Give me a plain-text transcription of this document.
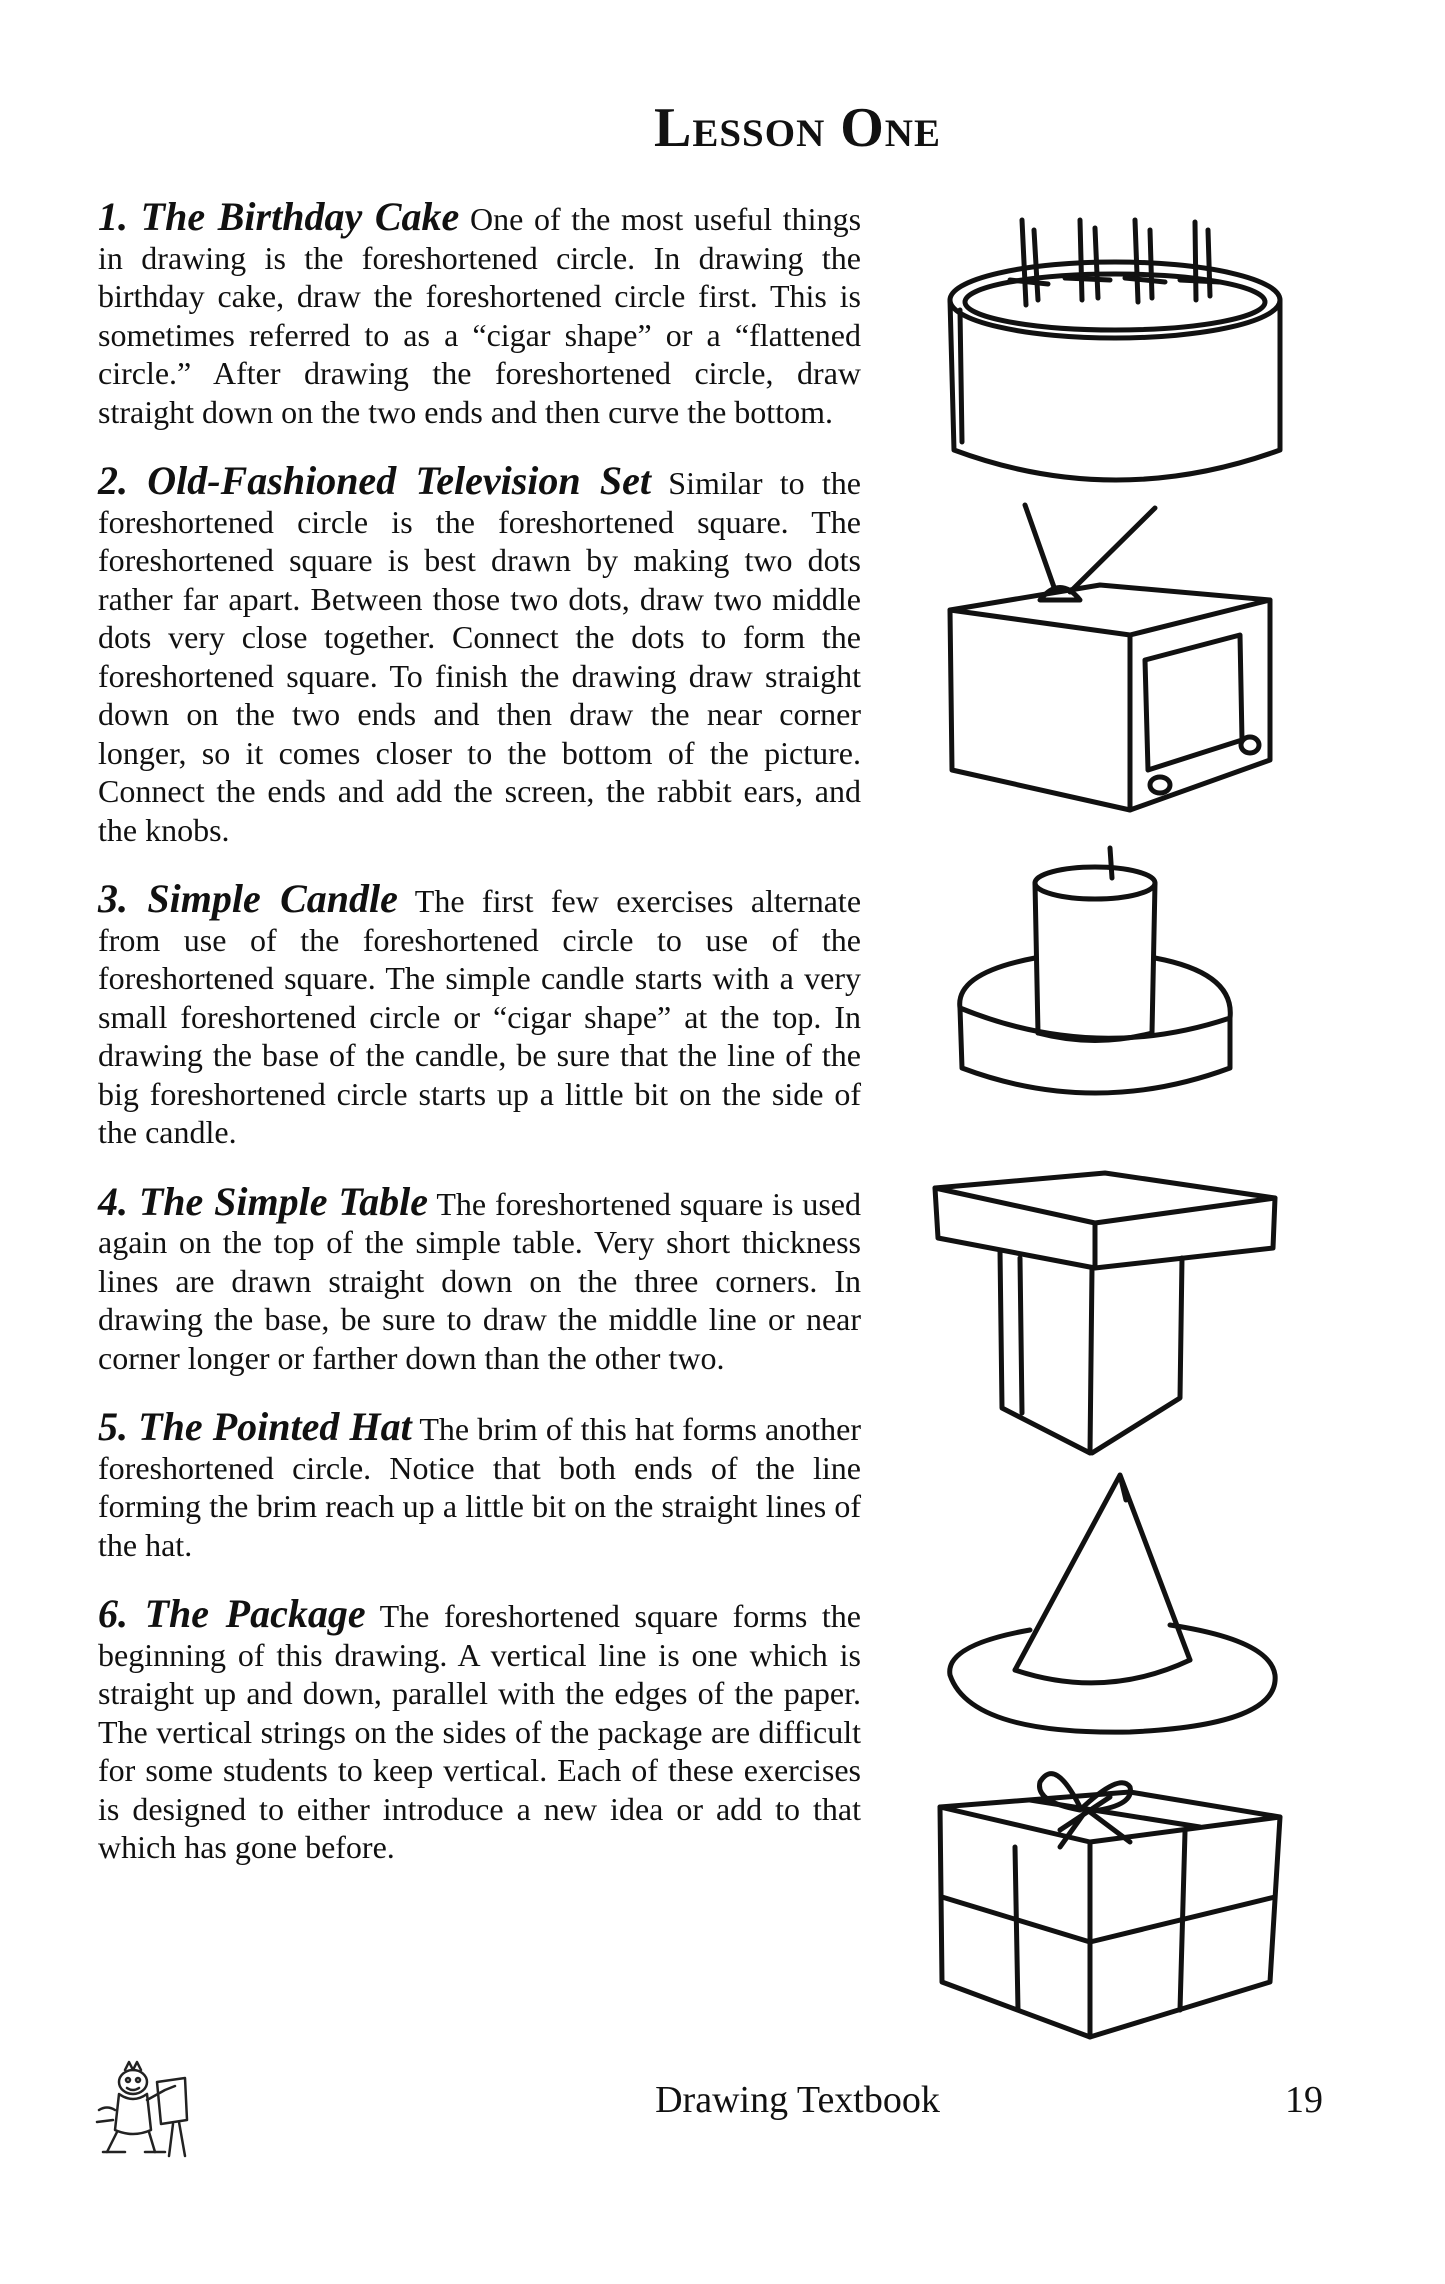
Lesson One

1. The Birthday Cake One of the most useful things in drawing is the foreshortened circle. In drawing the birthday cake, draw the foreshortened circle first. This is sometimes referred to as a “cigar shape” or a “flattened circle.” After drawing the foreshortened circle, draw straight down on the two ends and then curve the bottom.

2. Old-Fashioned Television Set Similar to the foreshortened circle is the foreshortened square. The foreshortened square is best drawn by making two dots rather far apart. Between those two dots, draw two middle dots very close together. Connect the dots to form the foreshortened square. To finish the drawing draw straight down on the two ends and then draw the near corner longer, so it comes closer to the bottom of the picture. Connect the ends and add the screen, the rabbit ears, and the knobs.

3. Simple Candle The first few exercises alternate from use of the foreshortened circle to use of the foreshortened square. The simple candle starts with a very small foreshortened circle or “cigar shape” at the top. In drawing the base of the candle, be sure that the line of the big foreshortened circle starts up a little bit on the side of the candle.

4. The Simple Table The foreshortened square is used again on the top of the simple table. Very short thickness lines are drawn straight down on the three corners. In drawing the base, be sure to draw the middle line or near corner longer or farther down than the other two.

5. The Pointed Hat The brim of this hat forms another foreshortened circle. Notice that both ends of the line forming the brim reach up a little bit on the straight lines of the hat.

6. The Package The foreshortened square forms the beginning of this drawing. A vertical line is one which is straight up and down, parallel with the edges of the paper. The vertical strings on the sides of the package are difficult for some students to keep vertical. Each of these exercises is designed to either introduce a new idea or add to that which has gone before.

Drawing Textbook	19
